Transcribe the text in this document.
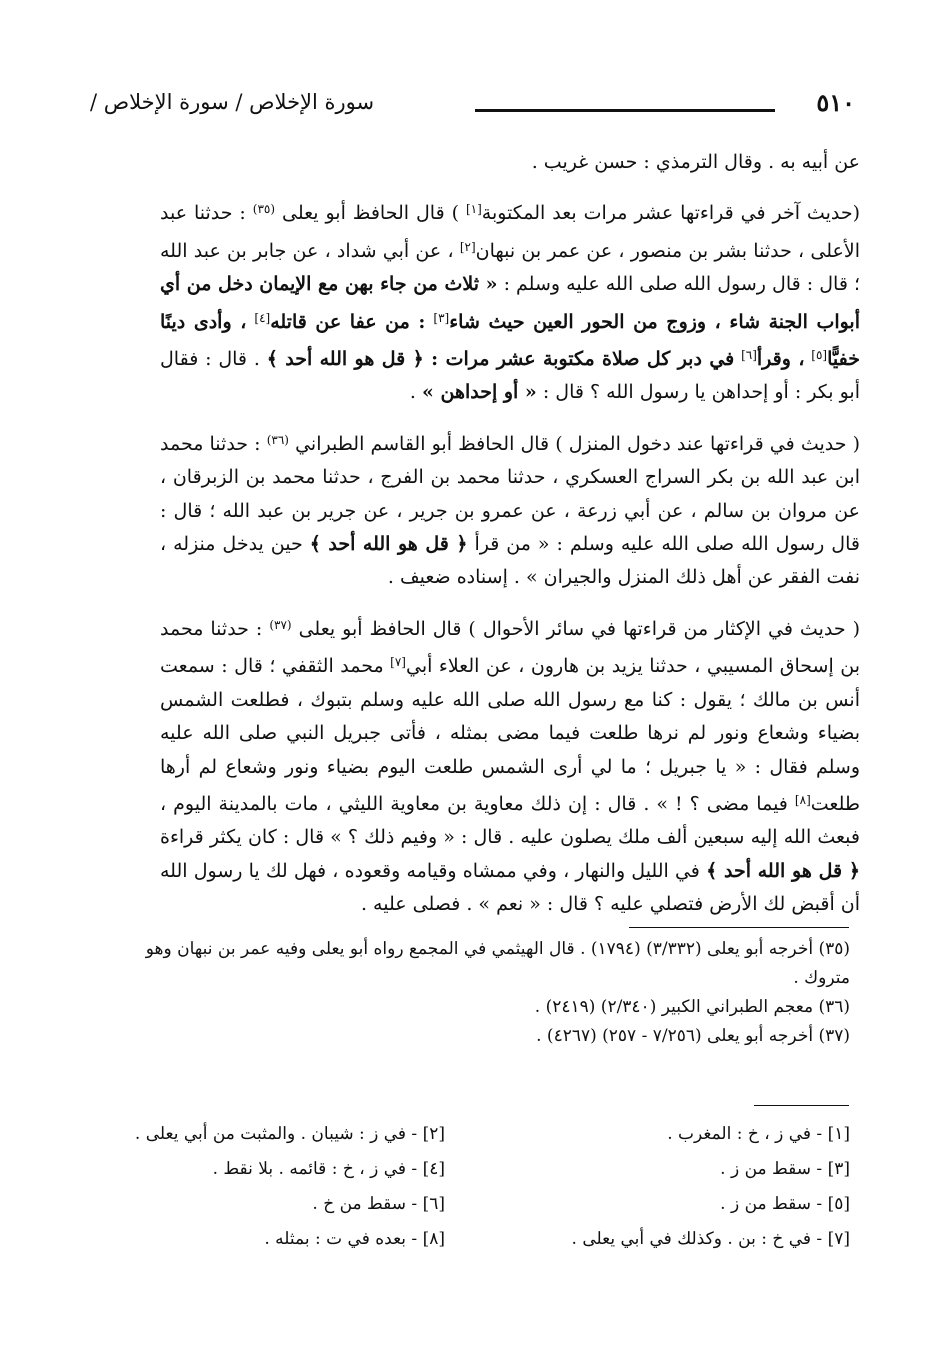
٥١٠
سورة الإخلاص / سورة الإخلاص /

عن أبيه به . وقال الترمذي : حسن غريب .

(حديث آخر في قراءتها عشر مرات بعد المكتوبة[١] ) قال الحافظ أبو يعلى $^{(٣٥)}$ : حدثنا عبد الأعلى ، حدثنا بشر بن منصور ، عن عمر بن نبهان[٢] ، عن أبي شداد ، عن جابر بن عبد الله ؛ قال : قال رسول الله صلى الله عليه وسلم : « ثلاث من جاء بهن مع الإيمان دخل من أي أبواب الجنة شاء ، وزوج من الحور العين حيث شاء[٣] : من عفا عن قاتله[٤] ، وأدى دينًا خفيًّا[٥] ، وقرأ[٦] في دبر كل صلاة مكتوبة عشر مرات : ﴿ قل هو الله أحد ﴾ . قال : فقال أبو بكر : أو إحداهن يا رسول الله ؟ قال : « أو إحداهن » .

( حديث في قراءتها عند دخول المنزل ) قال الحافظ أبو القاسم الطبراني $^{(٣٦)}$ : حدثنا محمد ابن عبد الله بن بكر السراج العسكري ، حدثنا محمد بن الفرج ، حدثنا محمد بن الزبرقان ، عن مروان بن سالم ، عن أبي زرعة ، عن عمرو بن جرير ، عن جرير بن عبد الله ؛ قال : قال رسول الله صلى الله عليه وسلم : « من قرأ ﴿ قل هو الله أحد ﴾ حين يدخل منزله ، نفت الفقر عن أهل ذلك المنزل والجيران » . إسناده ضعيف .

( حديث في الإكثار من قراءتها في سائر الأحوال ) قال الحافظ أبو يعلى $^{(٣٧)}$ : حدثنا محمد بن إسحاق المسيبي ، حدثنا يزيد بن هارون ، عن العلاء أبي[٧] محمد الثقفي ؛ قال : سمعت أنس بن مالك ؛ يقول : كنا مع رسول الله صلى الله عليه وسلم بتبوك ، فطلعت الشمس بضياء وشعاع ونور لم نرها طلعت فيما مضى بمثله ، فأتى جبريل النبي صلى الله عليه وسلم فقال : « يا جبريل ؛ ما لي أرى الشمس طلعت اليوم بضياء ونور وشعاع لم أرها طلعت[٨] فيما مضى ؟ ! » . قال : إن ذلك معاوية بن معاوية الليثي ، مات بالمدينة اليوم ، فبعث الله إليه سبعين ألف ملك يصلون عليه . قال : « وفيم ذلك ؟ » قال : كان يكثر قراءة ﴿ قل هو الله أحد ﴾ في الليل والنهار ، وفي ممشاه وقيامه وقعوده ، فهل لك يا رسول الله أن أقبض لك الأرض فتصلي عليه ؟ قال : « نعم » . فصلى عليه .

(٣٥) أخرجه أبو يعلى (٣/٣٣٢) (١٧٩٤) . قال الهيثمي في المجمع رواه أبو يعلى وفيه عمر بن نبهان وهو متروك .

(٣٦) معجم الطبراني الكبير (٢/٣٤٠) (٢٤١٩) .

(٣٧) أخرجه أبو يعلى (٧/٢٥٦ - ٢٥٧) (٤٢٦٧) .

[١] - في ز ، خ : المغرب .
[٢] - في ز : شيبان . والمثبت من أبي يعلى .
[٣] - سقط من ز .
[٤] - في ز ، خ : قائمه . بلا نقط .
[٥] - سقط من ز .
[٦] - سقط من خ .
[٧] - في خ : بن . وكذلك في أبي يعلى .
[٨] - بعده في ت : بمثله .
